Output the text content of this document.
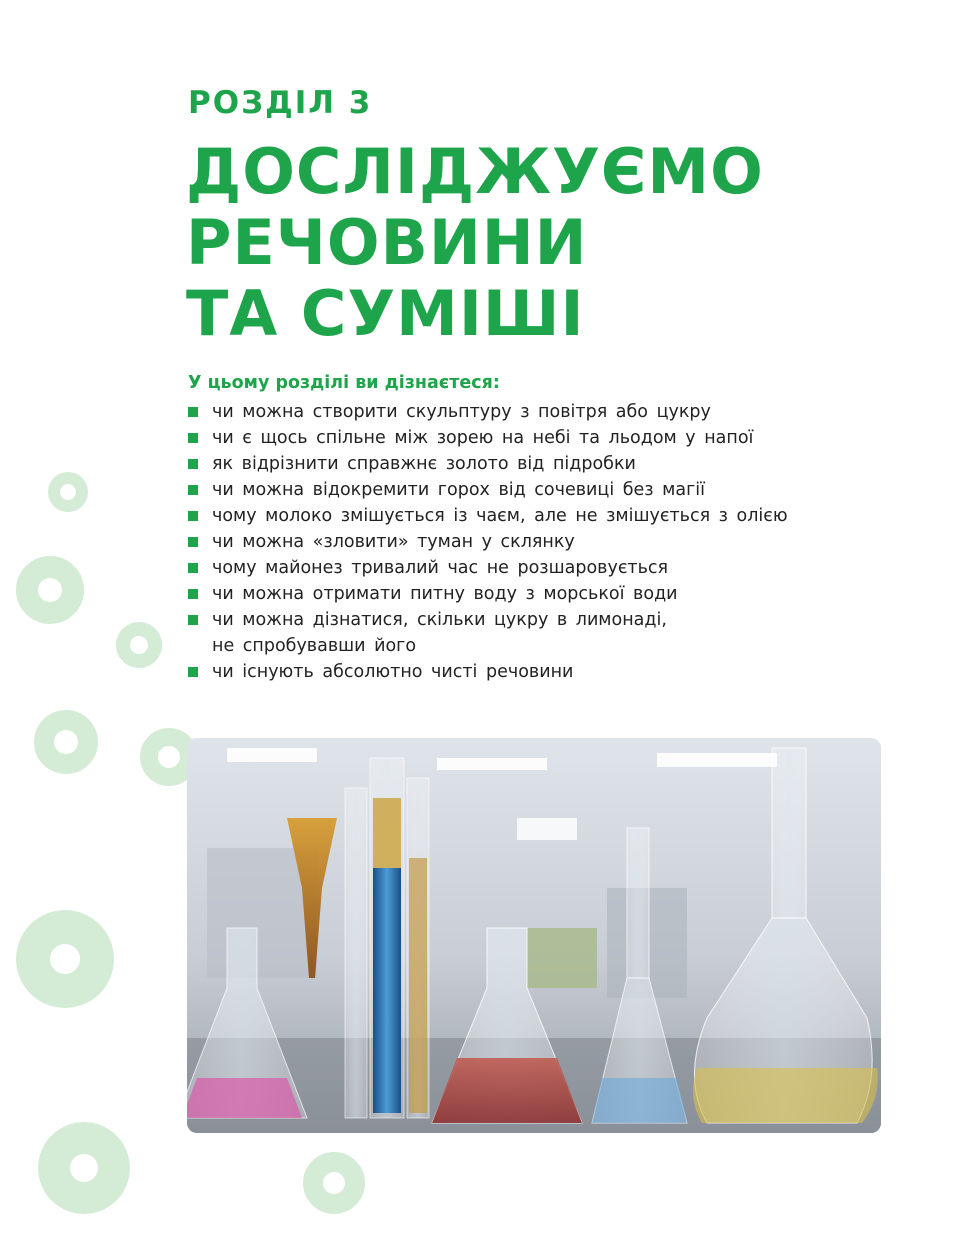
РОЗДІЛ 3
ДОСЛІДЖУЄМО
РЕЧОВИНИ
ТА СУМІШІ
У цьому розділі ви дізнаєтеся:
чи можна створити скульптуру з повітря або цукру
чи є щось спільне між зорею на небі та льодом у напої
як відрізнити справжнє золото від підробки
чи можна відокремити горох від сочевиці без магії
чому молоко змішується із чаєм, але не змішується з олією
чи можна «зловити» туман у склянку
чому майонез тривалий час не розшаровується
чи можна отримати питну воду з морської води
чи можна дізнатися, скільки цукру в лимонаді,
не спробувавши його
чи існують абсолютно чисті речовини
